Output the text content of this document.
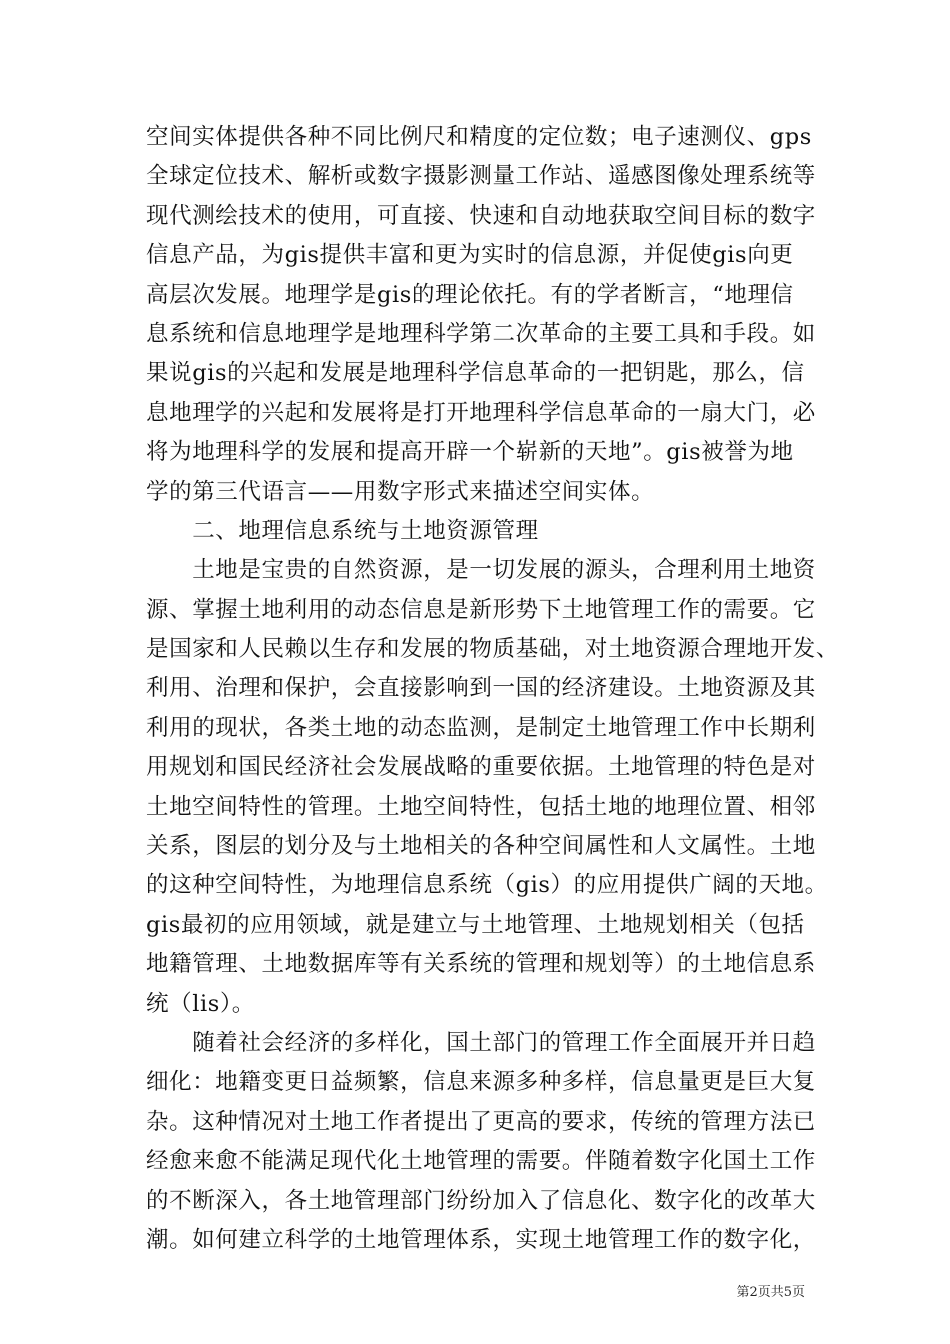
空间实体提供各种不同比例尺和精度的定位数；电子速测仪、gps
全球定位技术、解析或数字摄影测量工作站、遥感图像处理系统等
现代测绘技术的使用，可直接、快速和自动地获取空间目标的数字
信息产品，为gis提供丰富和更为实时的信息源，并促使gis向更
高层次发展。地理学是gis的理论依托。有的学者断言，“地理信
息系统和信息地理学是地理科学第二次革命的主要工具和手段。如
果说gis的兴起和发展是地理科学信息革命的一把钥匙，那么，信
息地理学的兴起和发展将是打开地理科学信息革命的一扇大门，必
将为地理科学的发展和提高开辟一个崭新的天地”。gis被誉为地
学的第三代语言——用数字形式来描述空间实体。
　　二、地理信息系统与土地资源管理
　　土地是宝贵的自然资源，是一切发展的源头，合理利用土地资
源、掌握土地利用的动态信息是新形势下土地管理工作的需要。它
是国家和人民赖以生存和发展的物质基础，对土地资源合理地开发、
利用、治理和保护，会直接影响到一国的经济建设。土地资源及其
利用的现状，各类土地的动态监测，是制定土地管理工作中长期利
用规划和国民经济社会发展战略的重要依据。土地管理的特色是对
土地空间特性的管理。土地空间特性，包括土地的地理位置、相邻
关系，图层的划分及与土地相关的各种空间属性和人文属性。土地
的这种空间特性，为地理信息系统（gis）的应用提供广阔的天地。
gis最初的应用领域，就是建立与土地管理、土地规划相关（包括
地籍管理、土地数据库等有关系统的管理和规划等）的土地信息系
统（lis）。
　　随着社会经济的多样化，国土部门的管理工作全面展开并日趋
细化：地籍变更日益频繁，信息来源多种多样，信息量更是巨大复
杂。这种情况对土地工作者提出了更高的要求，传统的管理方法已
经愈来愈不能满足现代化土地管理的需要。伴随着数字化国土工作
的不断深入，各土地管理部门纷纷加入了信息化、数字化的改革大
潮。如何建立科学的土地管理体系，实现土地管理工作的数字化，
第2页共5页
